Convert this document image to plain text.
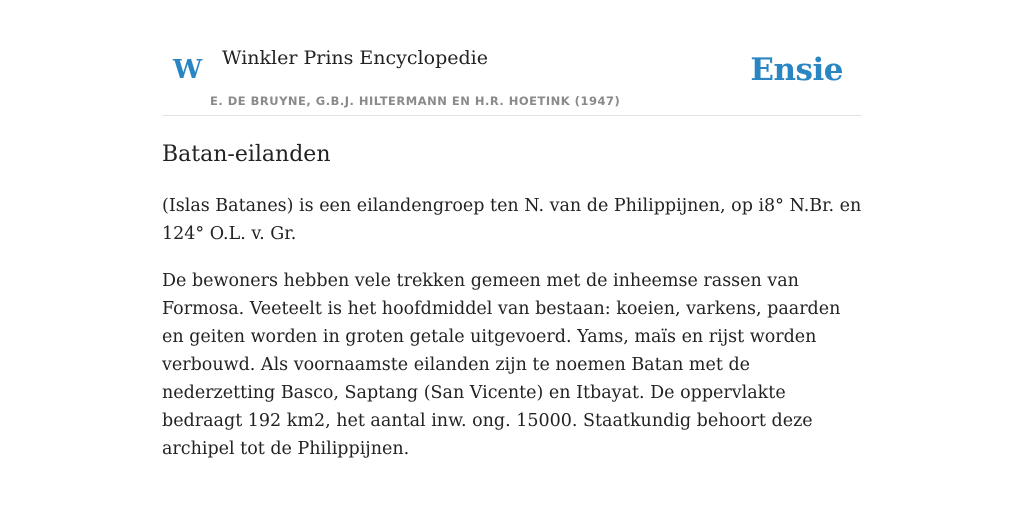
W Winkler Prins Encyclopedie
E. DE BRUYNE, G.B.J. HILTERMANN EN H.R. HOETINK (1947)
Ensie
Batan-eilanden

(Islas Batanes) is een eilandengroep ten N. van de Philippijnen, op i8° N.Br. en 124° O.L. v. Gr.

De bewoners hebben vele trekken gemeen met de inheemse rassen van Formosa. Veeteelt is het hoofdmiddel van bestaan: koeien, varkens, paarden en geiten worden in groten getale uitgevoerd. Yams, maïs en rijst worden verbouwd. Als voornaamste eilanden zijn te noemen Batan met de nederzetting Basco, Saptang (San Vicente) en Itbayat. De oppervlakte bedraagt 192 km2, het aantal inw. ong. 15000. Staatkundig behoort deze archipel tot de Philippijnen.
